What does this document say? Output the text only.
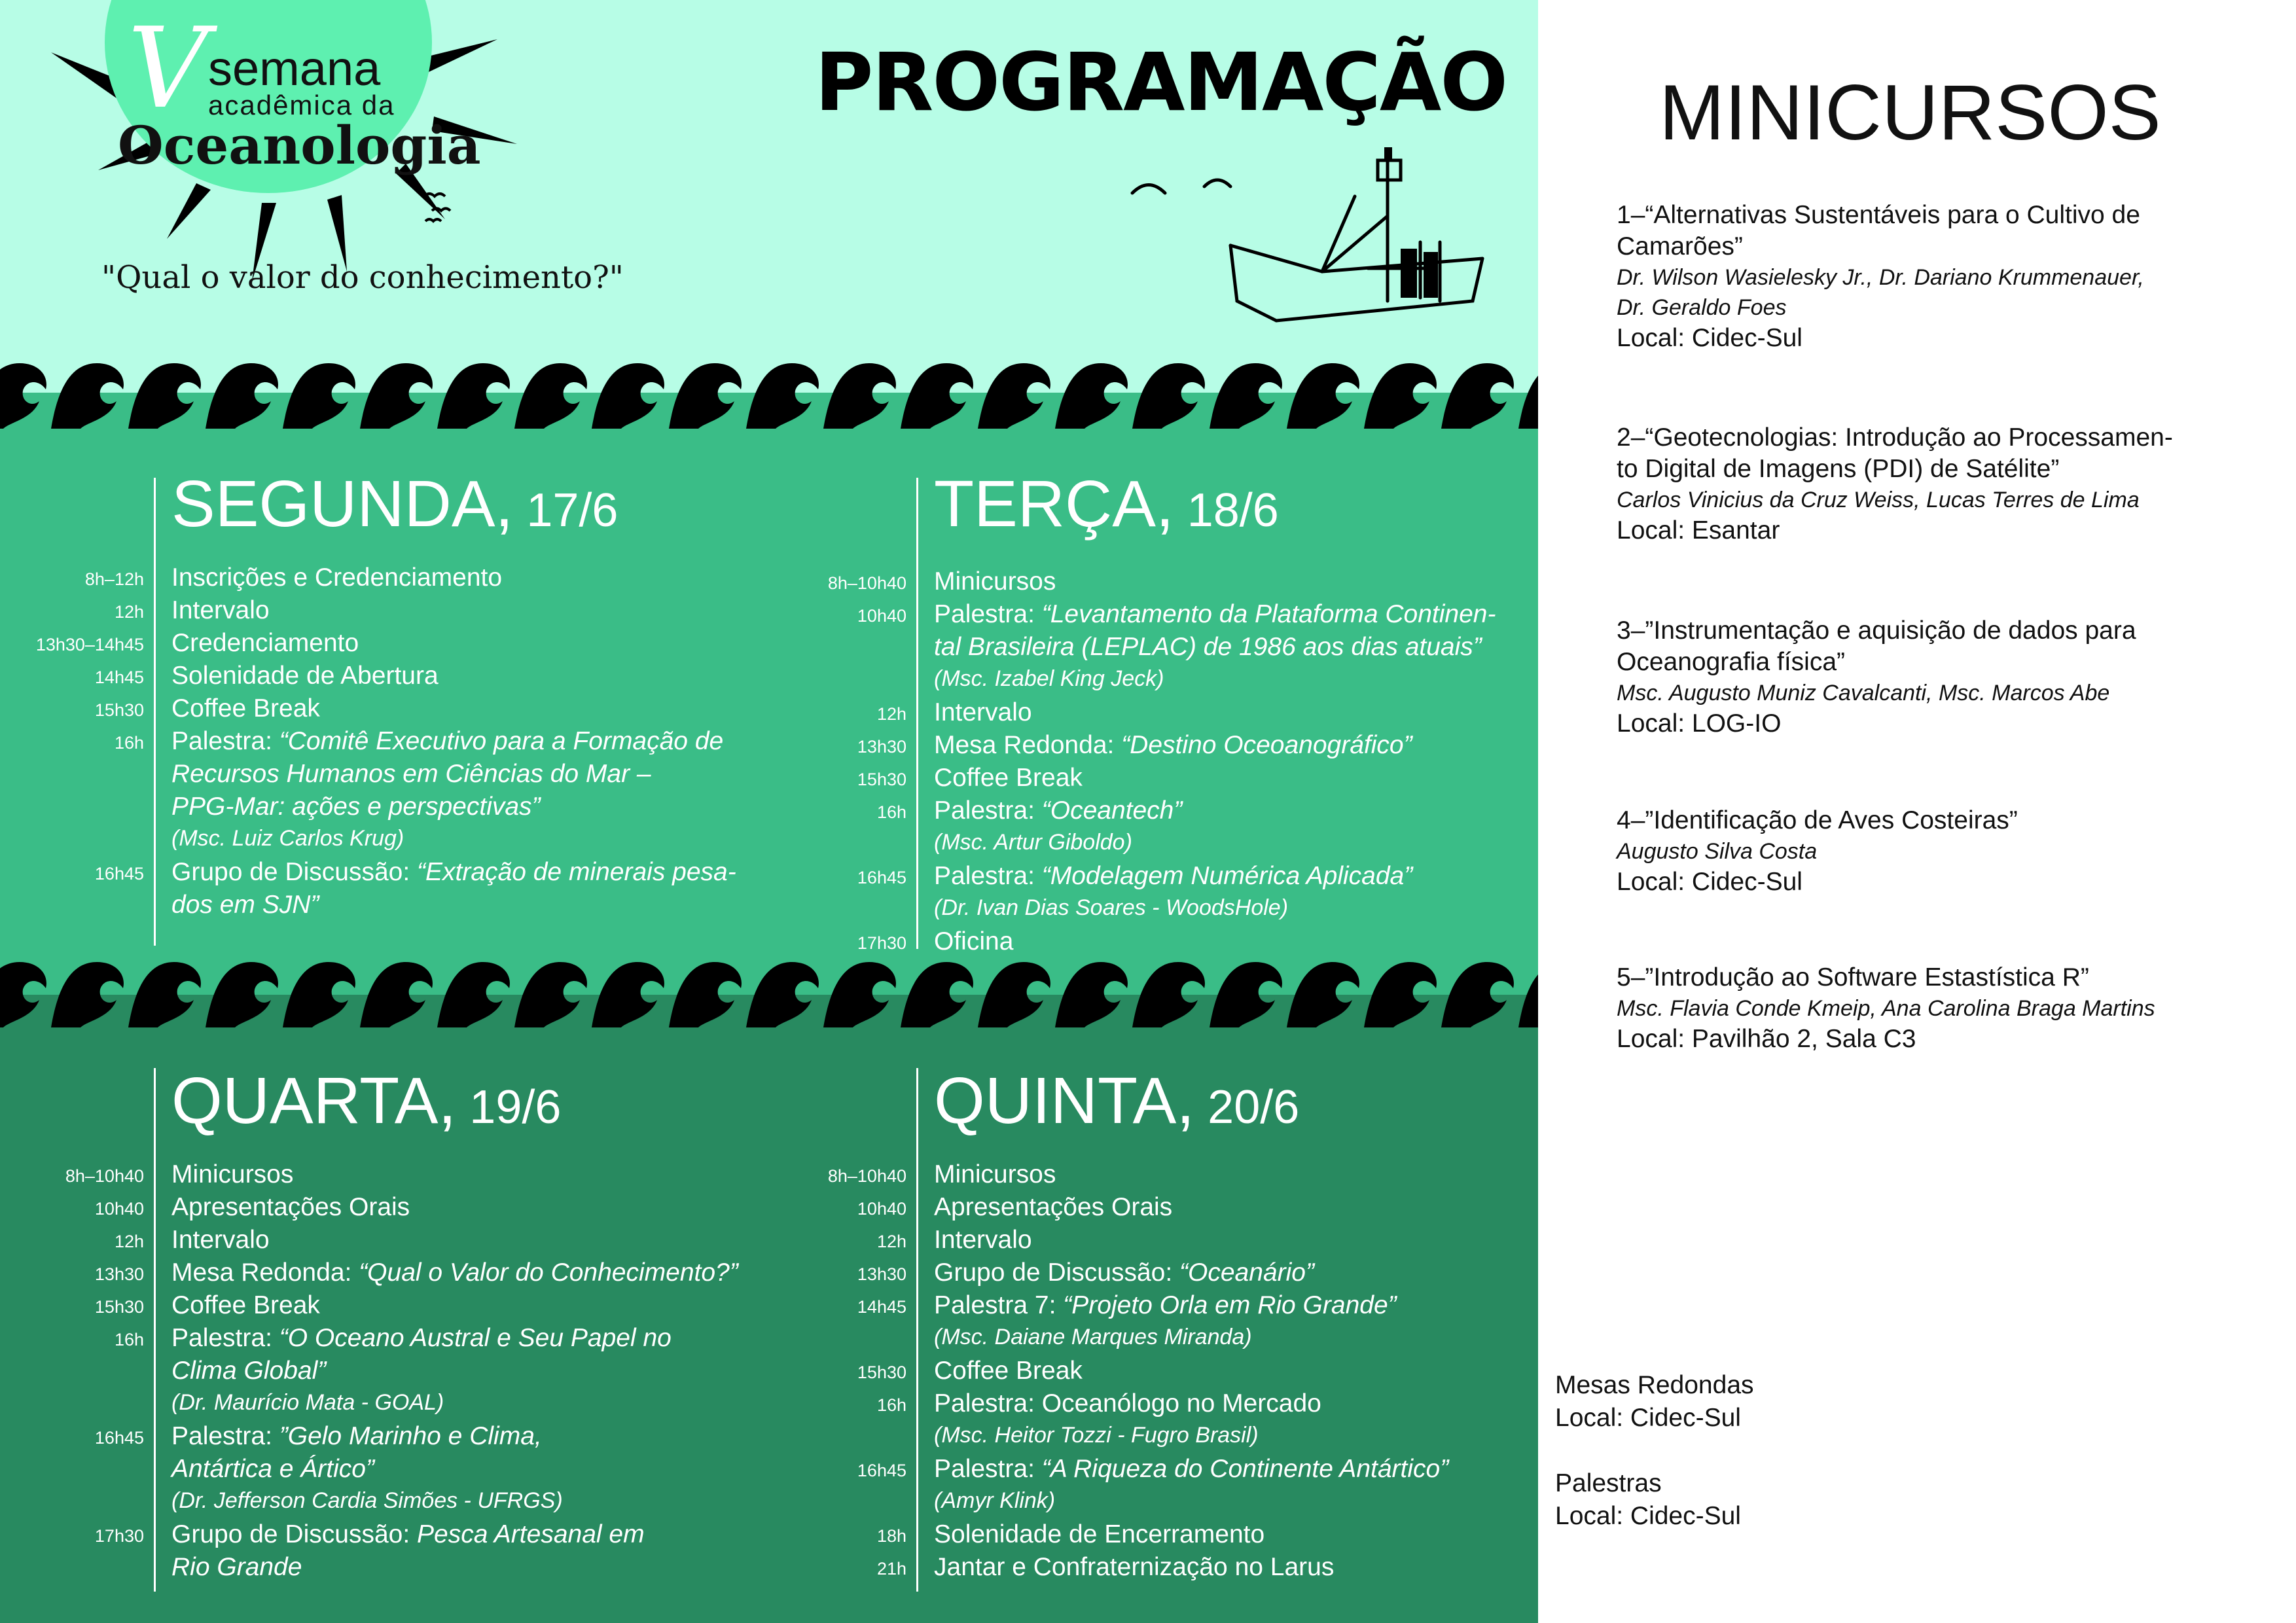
V semana
acadêmica da
Oceanologia
"Qual o valor do conhecimento?"
PROGRAMAÇÃO
SEGUNDA, 17/6
8h–12h Inscrições e Credenciamento
12h Intervalo
13h30–14h45 Credenciamento
14h45 Solenidade de Abertura
15h30 Coffee Break
16h Palestra: “Comitê Executivo para a Formação de
Recursos Humanos em Ciências do Mar –
PPG-Mar: ações e perspectivas”
(Msc. Luiz Carlos Krug)
16h45 Grupo de Discussão: “Extração de minerais pesa-
dos em SJN”
TERÇA, 18/6
8h–10h40 Minicursos
10h40 Palestra: “Levantamento da Plataforma Continen-
tal Brasileira (LEPLAC) de 1986 aos dias atuais”
(Msc. Izabel King Jeck)
12h Intervalo
13h30 Mesa Redonda: “Destino Oceoanográfico”
15h30 Coffee Break
16h Palestra: “Oceantech”
(Msc. Artur Giboldo)
16h45 Palestra: “Modelagem Numérica Aplicada”
(Dr. Ivan Dias Soares - WoodsHole)
17h30 Oficina
QUARTA, 19/6
8h–10h40 Minicursos
10h40 Apresentações Orais
12h Intervalo
13h30 Mesa Redonda: “Qual o Valor do Conhecimento?”
15h30 Coffee Break
16h Palestra: “O Oceano Austral e Seu Papel no
Clima Global”
(Dr. Maurício Mata - GOAL)
16h45 Palestra: ”Gelo Marinho e Clima,
Antártica e Ártico”
(Dr. Jefferson Cardia Simões - UFRGS)
17h30 Grupo de Discussão: Pesca Artesanal em
Rio Grande
QUINTA, 20/6
8h–10h40 Minicursos
10h40 Apresentações Orais
12h Intervalo
13h30 Grupo de Discussão: “Oceanário”
14h45 Palestra 7: “Projeto Orla em Rio Grande”
(Msc. Daiane Marques Miranda)
15h30 Coffee Break
16h Palestra: Oceanólogo no Mercado
(Msc. Heitor Tozzi - Fugro Brasil)
16h45 Palestra: “A Riqueza do Continente Antártico”
(Amyr Klink)
18h Solenidade de Encerramento
21h Jantar e Confraternização no Larus
MINICURSOS
1–“Alternativas Sustentáveis para o Cultivo de
Camarões”
Dr. Wilson Wasielesky Jr., Dr. Dariano Krummenauer,
Dr. Geraldo Foes
Local: Cidec-Sul
2–“Geotecnologias: Introdução ao Processamen-
to Digital de Imagens (PDI) de Satélite”
Carlos Vinicius da Cruz Weiss, Lucas Terres de Lima
Local: Esantar
3–”Instrumentação e aquisição de dados para
Oceanografia física”
Msc. Augusto Muniz Cavalcanti, Msc. Marcos Abe
Local: LOG-IO
4–”Identificação de Aves Costeiras”
Augusto Silva Costa
Local: Cidec-Sul
5–”Introdução ao Software Estastística R”
Msc. Flavia Conde Kmeip, Ana Carolina Braga Martins
Local: Pavilhão 2, Sala C3
Mesas Redondas
Local: Cidec-Sul
Palestras
Local: Cidec-Sul
